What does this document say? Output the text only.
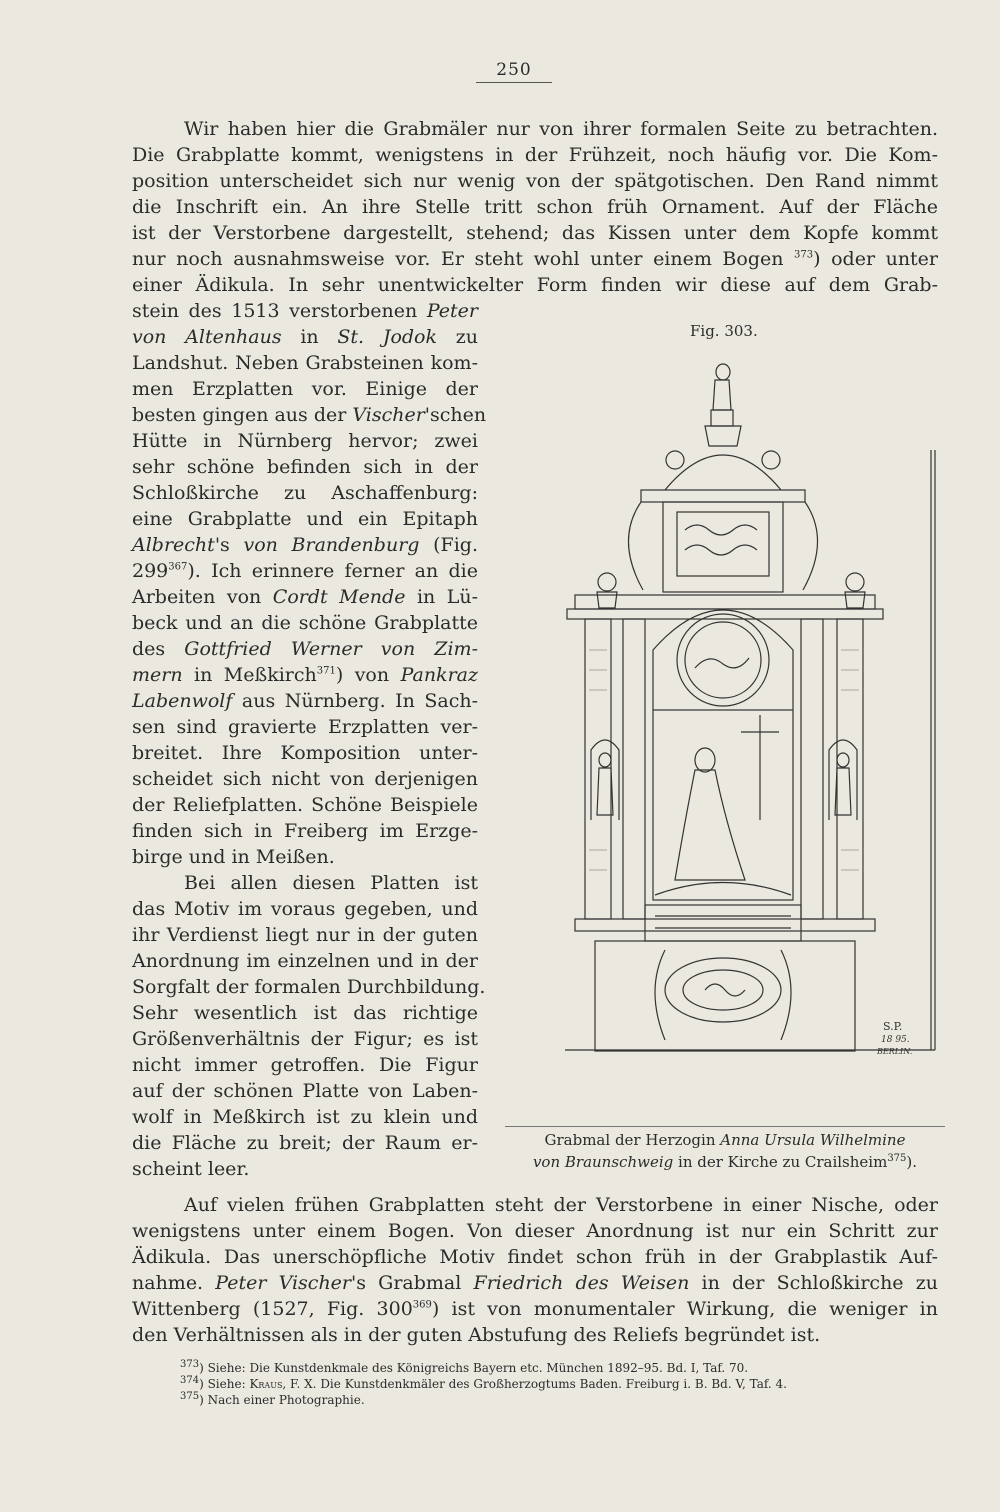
250
Wir haben hier die Grabmäler nur von ihrer formalen Seite zu betrachten.
Die Grabplatte kommt, wenigstens in der Frühzeit, noch häufig vor. Die Kom-
position unterscheidet sich nur wenig von der spätgotischen. Den Rand nimmt
die Inschrift ein. An ihre Stelle tritt schon früh Ornament. Auf der Fläche
ist der Verstorbene dargestellt, stehend; das Kissen unter dem Kopfe kommt
nur noch ausnahmsweise vor. Er steht wohl unter einem Bogen $^{373}$) oder unter
einer Ädikula. In sehr unentwickelter Form finden wir diese auf dem Grab-
stein des 1513 verstorbenen Peter
von Altenhaus in St. Jodok zu
Landshut. Neben Grabsteinen kom-
men Erzplatten vor. Einige der
besten gingen aus der Vischer'schen
Hütte in Nürnberg hervor; zwei
sehr schöne befinden sich in der
Schloßkirche zu Aschaffenburg:
eine Grabplatte und ein Epitaph
Albrecht's von Brandenburg (Fig.
$299^{367}$). Ich erinnere ferner an die
Arbeiten von Cordt Mende in Lü-
beck und an die schöne Grabplatte
des Gottfried Werner von Zim-
mern in Meßkirch$^{371}$) von Pankraz
Labenwolf aus Nürnberg. In Sach-
sen sind gravierte Erzplatten ver-
breitet. Ihre Komposition unter-
scheidet sich nicht von derjenigen
der Reliefplatten. Schöne Beispiele
finden sich in Freiberg im Erzge-
birge und in Meißen.
Bei allen diesen Platten ist
das Motiv im voraus gegeben, und
ihr Verdienst liegt nur in der guten
Anordnung im einzelnen und in der
Sorgfalt der formalen Durchbildung.
Sehr wesentlich ist das richtige
Größenverhältnis der Figur; es ist
nicht immer getroffen. Die Figur
auf der schönen Platte von Laben-
wolf in Meßkirch ist zu klein und
die Fläche zu breit; der Raum er-
scheint leer.
Fig. 303.
S.P.
18 95.
BERLIN.
Grabmal der Herzogin Anna Ursula Wilhelmine
von Braunschweig in der Kirche zu Crailsheim$^{375}$).
Auf vielen frühen Grabplatten steht der Verstorbene in einer Nische, oder
wenigstens unter einem Bogen. Von dieser Anordnung ist nur ein Schritt zur
Ädikula. Das unerschöpfliche Motiv findet schon früh in der Grabplastik Auf-
nahme. Peter Vischer's Grabmal Friedrich des Weisen in der Schloßkirche zu
Wittenberg (1527, Fig. $300^{369}$) ist von monumentaler Wirkung, die weniger in
den Verhältnissen als in der guten Abstufung des Reliefs begründet ist.
$^{373}$) Siehe: Die Kunstdenkmale des Königreichs Bayern etc. München 1892–95. Bd. I, Taf. 70.
$^{374}$) Siehe: Kraus, F. X. Die Kunstdenkmäler des Großherzogtums Baden. Freiburg i. B. Bd. V, Taf. 4.
$^{375}$) Nach einer Photographie.
